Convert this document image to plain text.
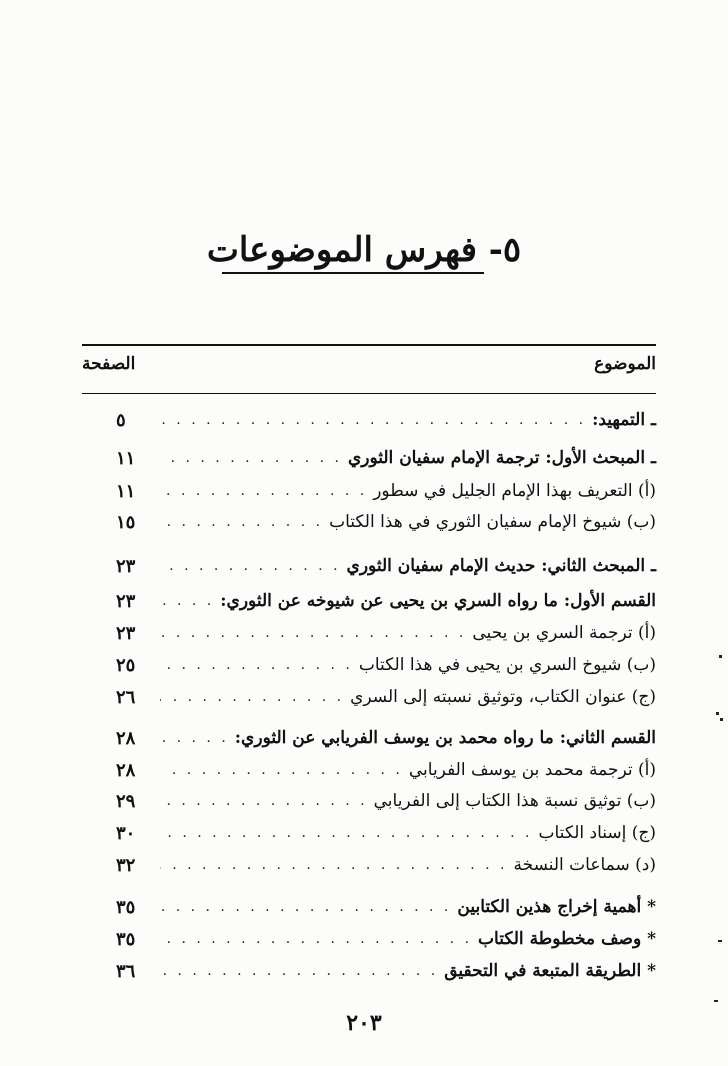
٥- فهرس الموضوعات
الموضوع
الصفحة
ـ التمهيد:
. . .
٥
ـ المبحث الأول: ترجمة الإمام سفيان الثوري
. . .
١١
(أ) التعريف بهذا الإمام الجليل في سطور
. . .
١١
(ب) شيوخ الإمام سفيان الثوري في هذا الكتاب
. . .
١٥
ـ المبحث الثاني: حديث الإمام سفيان الثوري
. . .
٢٣
القسم الأول: ما رواه السري بن يحيى عن شيوخه عن الثوري:
. . .
٢٣
(أ) ترجمة السري بن يحيى
. . .
٢٣
(ب) شيوخ السري بن يحيى في هذا الكتاب
. . .
٢٥
(ج) عنوان الكتاب، وتوثيق نسبته إلى السري
. . .
٢٦
القسم الثاني: ما رواه محمد بن يوسف الفريابي عن الثوري:
. . .
٢٨
(أ) ترجمة محمد بن يوسف الفريابي
. . .
٢٨
(ب) توثيق نسبة هذا الكتاب إلى الفريابي
. . .
٢٩
(ج) إسناد الكتاب
. . .
٣٠
(د) سماعات النسخة
. . .
٣٢
* أهمية إخراج هذين الكتابين
. . .
٣٥
* وصف مخطوطة الكتاب
. . .
٣٥
* الطريقة المتبعة في التحقيق
. . .
٣٦
٢٠٣
